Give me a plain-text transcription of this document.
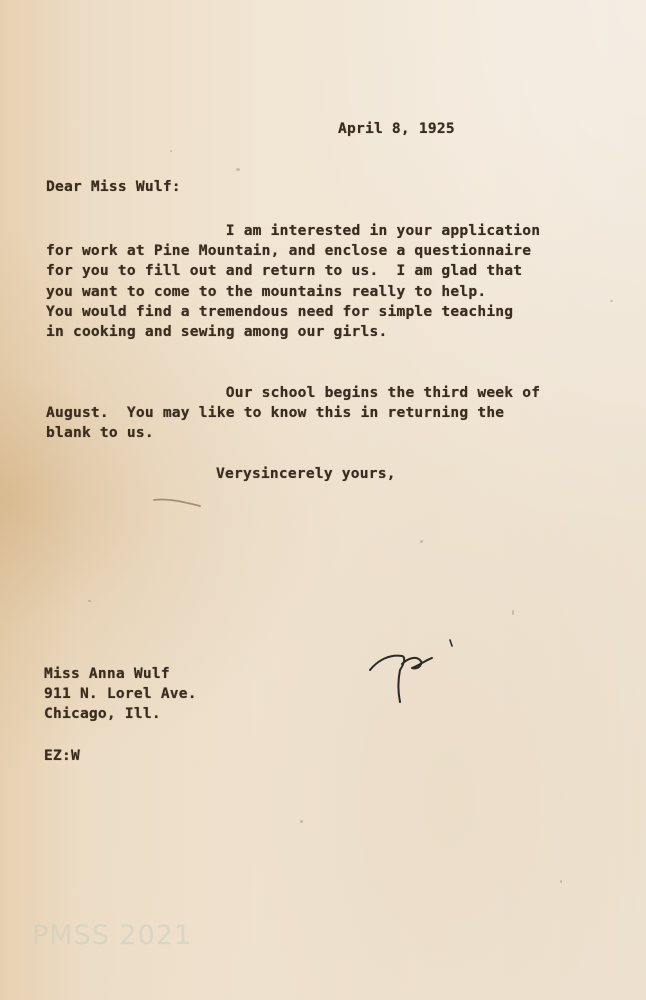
April 8, 1925

Dear Miss Wulf:

I am interested in your application
for work at Pine Mountain, and enclose a questionnaire
for you to fill out and return to us.  I am glad that
you want to come to the mountains really to help.
You would find a tremendous need for simple teaching
in cooking and sewing among our girls.

Our school begins the third week of
August.  You may like to know this in returning the
blank to us.

Verysincerely yours,

Miss Anna Wulf
911 N. Lorel Ave.
Chicago, Ill.

EZ:W

PMSS 2021
